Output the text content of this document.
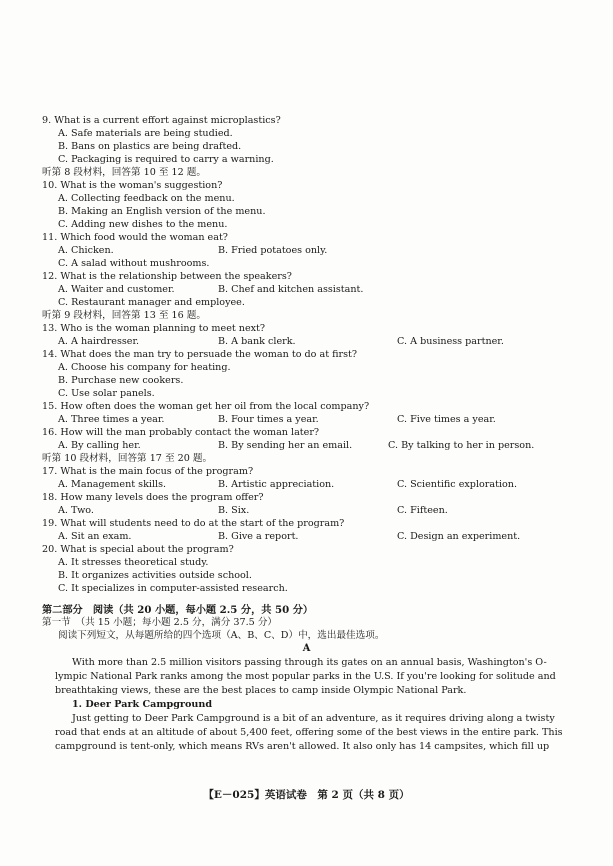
9. What is a current effort against microplastics?
A. Safe materials are being studied.
B. Bans on plastics are being drafted.
C. Packaging is required to carry a warning.
听第 8 段材料，回答第 10 至 12 题。
10. What is the woman's suggestion?
A. Collecting feedback on the menu.
B. Making an English version of the menu.
C. Adding new dishes to the menu.
11. Which food would the woman eat?
A. Chicken.	B. Fried potatoes only.
C. A salad without mushrooms.
12. What is the relationship between the speakers?
A. Waiter and customer.	B. Chef and kitchen assistant.
C. Restaurant manager and employee.
听第 9 段材料，回答第 13 至 16 题。
13. Who is the woman planning to meet next?
A. A hairdresser.	B. A bank clerk.	C. A business partner.
14. What does the man try to persuade the woman to do at first?
A. Choose his company for heating.
B. Purchase new cookers.
C. Use solar panels.
15. How often does the woman get her oil from the local company?
A. Three times a year.	B. Four times a year.	C. Five times a year.
16. How will the man probably contact the woman later?
A. By calling her.	B. By sending her an email.	C. By talking to her in person.
听第 10 段材料，回答第 17 至 20 题。
17. What is the main focus of the program?
A. Management skills.	B. Artistic appreciation.	C. Scientific exploration.
18. How many levels does the program offer?
A. Two.	B. Six.	C. Fifteen.
19. What will students need to do at the start of the program?
A. Sit an exam.	B. Give a report.	C. Design an experiment.
20. What is special about the program?
A. It stresses theoretical study.
B. It organizes activities outside school.
C. It specializes in computer-assisted research.
第二部分　阅读（共 20 小题，每小题 2.5 分，共 50 分）
第一节　（共 15 小题；每小题 2.5 分，满分 37.5 分）
阅读下列短文，从每题所给的四个选项（A、B、C、D）中，选出最佳选项。
A
With more than 2.5 million visitors passing through its gates on an annual basis, Washington's O-
lympic National Park ranks among the most popular parks in the U.S. If you're looking for solitude and
breathtaking views, these are the best places to camp inside Olympic National Park.
1. Deer Park Campground
Just getting to Deer Park Campground is a bit of an adventure, as it requires driving along a twisty
road that ends at an altitude of about 5,400 feet, offering some of the best views in the entire park. This
campground is tent-only, which means RVs aren't allowed. It also only has 14 campsites, which fill up
【E－025】英语试卷　第 2 页（共 8 页）
